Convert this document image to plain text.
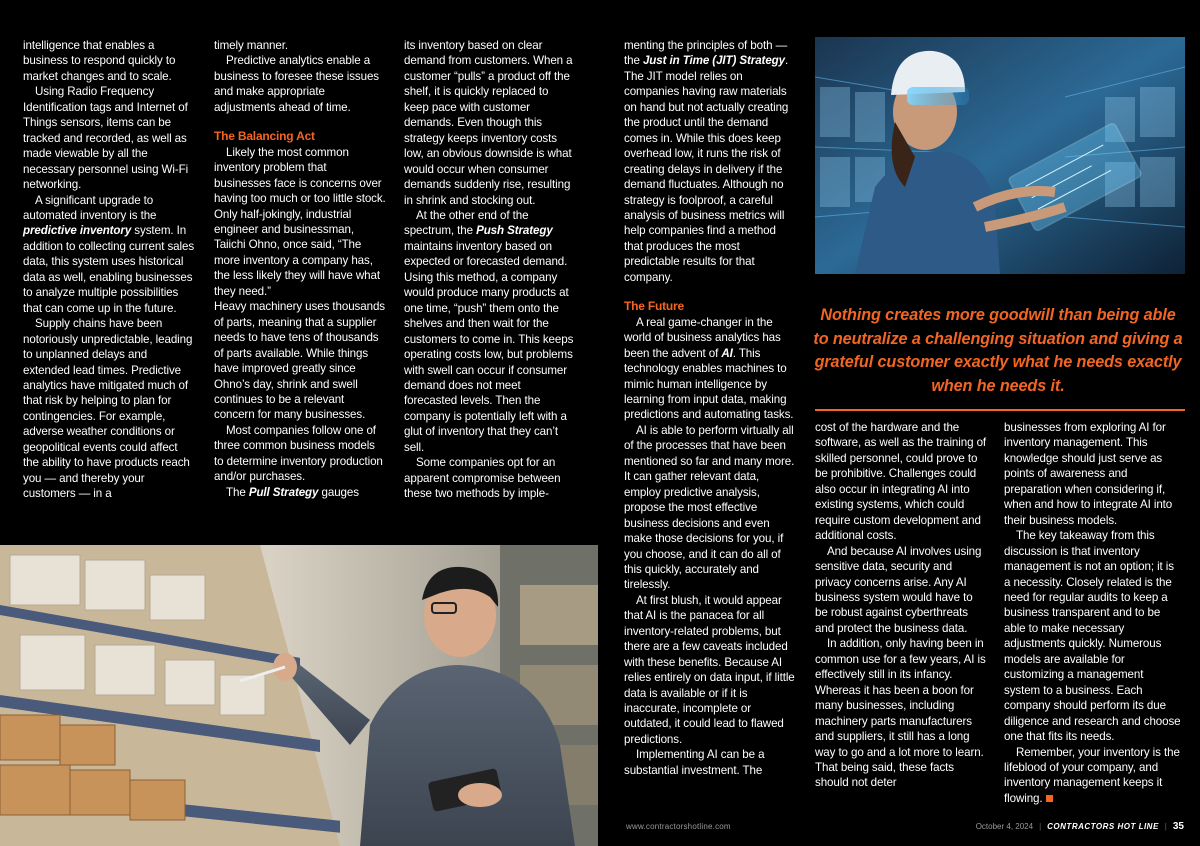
intelligence that enables a business to respond quickly to market changes and to scale.

Using Radio Frequency Identification tags and Internet of Things sensors, items can be tracked and recorded, as well as made viewable by all the necessary personnel using Wi-Fi networking.

A significant upgrade to automated inventory is the predictive inventory system. In addition to collecting current sales data, this system uses historical data as well, enabling businesses to analyze multiple possibilities that can come up in the future.

Supply chains have been notoriously unpredictable, leading to unplanned delays and extended lead times. Predictive analytics have mitigated much of that risk by helping to plan for contingencies. For example, adverse weather conditions or geopolitical events could affect the ability to have products reach you — and thereby your customers — in a

timely manner.

Predictive analytics enable a business to foresee these issues and make appropriate adjustments ahead of time.

The Balancing Act

Likely the most common inventory problem that businesses face is concerns over having too much or too little stock. Only half-jokingly, industrial engineer and businessman, Taiichi Ohno, once said, “The more inventory a company has, the less likely they will have what they need.”

Heavy machinery uses thousands of parts, meaning that a supplier needs to have tens of thousands of parts available. While things have improved greatly since Ohno’s day, shrink and swell continues to be a relevant concern for many businesses.

Most companies follow one of three common business models to determine inventory production and/or purchases.

The Pull Strategy gauges

its inventory based on clear demand from customers. When a customer “pulls” a product off the shelf, it is quickly replaced to keep pace with customer demands. Even though this strategy keeps inventory costs low, an obvious downside is what would occur when consumer demands suddenly rise, resulting in shrink and stocking out.

At the other end of the spectrum, the Push Strategy maintains inventory based on expected or forecasted demand. Using this method, a company would produce many products at one time, “push” them onto the shelves and then wait for the customers to come in. This keeps operating costs low, but problems with swell can occur if consumer demand does not meet forecasted levels. Then the company is potentially left with a glut of inventory that they can’t sell.

Some companies opt for an apparent compromise between these two methods by imple-

menting the principles of both — the Just in Time (JIT) Strategy. The JIT model relies on companies having raw materials on hand but not actually creating the product until the demand comes in. While this does keep overhead low, it runs the risk of creating delays in delivery if the demand fluctuates. Although no strategy is foolproof, a careful analysis of business metrics will help companies find a method that produces the most predictable results for that company.

The Future

A real game-changer in the world of business analytics has been the advent of AI. This technology enables machines to mimic human intelligence by learning from input data, making predictions and automating tasks.

AI is able to perform virtually all of the processes that have been mentioned so far and many more. It can gather relevant data, employ predictive analysis, propose the most effective business decisions and even make those decisions for you, if you choose, and it can do all of this quickly, accurately and tirelessly.

At first blush, it would appear that AI is the panacea for all inventory-related problems, but there are a few caveats included with these benefits. Because AI relies entirely on data input, if little data is available or if it is inaccurate, incomplete or outdated, it could lead to flawed predictions.

Implementing AI can be a substantial investment. The

cost of the hardware and the software, as well as the training of skilled personnel, could prove to be prohibitive. Challenges could also occur in integrating AI into existing systems, which could require custom development and additional costs.

And because AI involves using sensitive data, security and privacy concerns arise. Any AI business system would have to be robust against cyberthreats and protect the business data.

In addition, only having been in common use for a few years, AI is effectively still in its infancy. Whereas it has been a boon for many businesses, including machinery parts manufacturers and suppliers, it still has a long way to go and a lot more to learn. That being said, these facts should not deter

businesses from exploring AI for inventory management. This knowledge should just serve as points of awareness and preparation when considering if, when and how to integrate AI into their business models.

The key takeaway from this discussion is that inventory management is not an option; it is a necessity. Closely related is the need for regular audits to keep a business transparent and to be able to make necessary adjustments quickly. Numerous models are available for customizing a management system to a business. Each company should perform its due diligence and research and choose one that fits its needs.

Remember, your inventory is the lifeblood of your company, and inventory management keeps it flowing.

Nothing creates more goodwill than being able to neutralize a challenging situation and giving a grateful customer exactly what he needs exactly when he needs it.
www.contractorshotline.com	October 4, 2024 | CONTRACTORS HOT LINE | 35
